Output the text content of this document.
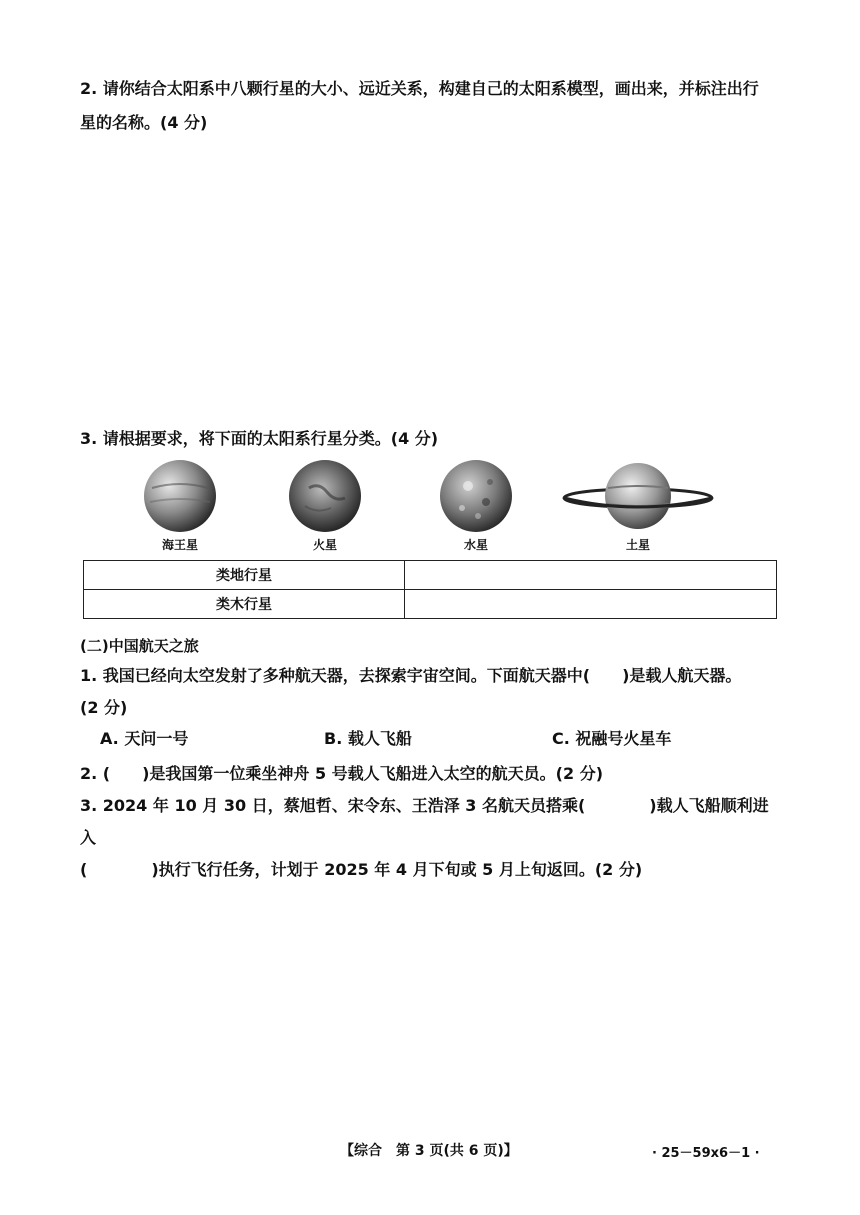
2. 请你结合太阳系中八颗行星的大小、远近关系，构建自己的太阳系模型，画出来，并标注出行
星的名称。(4 分)
3. 请根据要求，将下面的太阳系行星分类。(4 分)
海王星	火星	水星	土星
类地行星	
类木行星	
(二)中国航天之旅
1. 我国已经向太空发射了多种航天器，去探索宇宙空间。下面航天器中(　　)是载人航天器。
(2 分)
A. 天问一号	B. 载人飞船	C. 祝融号火星车
2. (　　)是我国第一位乘坐神舟 5 号载人飞船进入太空的航天员。(2 分)
3. 2024 年 10 月 30 日，蔡旭哲、宋令东、王浩泽 3 名航天员搭乘(　　　　)载人飞船顺利进入
(　　　　)执行飞行任务，计划于 2025 年 4 月下旬或 5 月上旬返回。(2 分)
【综合　第 3 页(共 6 页)】	· 25－59x6－1 ·
